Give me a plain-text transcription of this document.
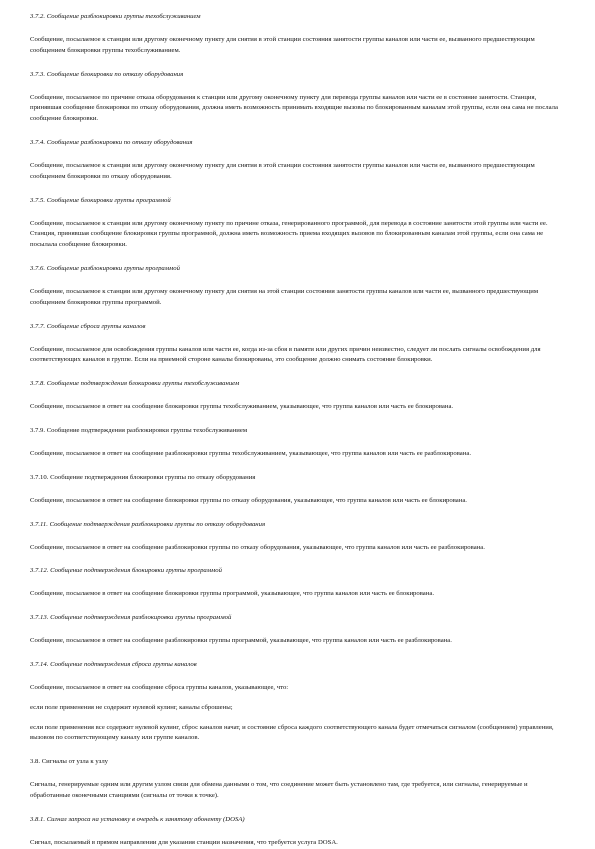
3.7.2. Сообщение разблокировки группы техобслуживанием
Сообщение, посылаемое к станции или другому оконечному пункту для снятия в этой станции состояния занятости группы каналов или части ее, вызванного предшествующим сообщением блокировки группы техобслуживанием.
3.7.3. Сообщение блокировки по отказу оборудования
Сообщение, посылаемое по причине отказа оборудования к станции или другому оконечному пункту для перевода группы каналов или части ее в состояние занятости. Станция, принявшая сообщение блокировки по отказу оборудования, должна иметь возможность принимать входящие вызовы по блокированным каналам этой группы, если она сама не послала сообщение блокировки.
3.7.4. Сообщение разблокировки по отказу оборудования
Сообщение, посылаемое к станции или другому оконечному пункту для снятия в этой станции состояния занятости группы каналов или части ее, вызванного предшествующим сообщением блокировки по отказу оборудования.
3.7.5. Сообщение блокировки группы программой
Сообщение, посылаемое к станции или другому оконечному пункту по причине отказа, генерированного программой, для перевода в состояние занятости этой группы или части ее. Станция, принявшая сообщение блокировки группы программой, должна иметь возможность приема входящих вызовов по блокированным каналам этой группы, если она сама не посылала сообщение блокировки.
3.7.6. Сообщение разблокировки группы программой
Сообщение, посылаемое к станции или другому оконечному пункту для снятия на этой станции состояния занятости группы каналов или части ее, вызванного предшествующим сообщением блокировки группы программой.
3.7.7. Сообщение сброса группы каналов
Сообщение, посылаемое для освобождения группы каналов или части ее, когда из-за сбоя в памяти или других причин неизвестно, следует ли послать сигналы освобождения для соответствующих каналов в группе. Если на приемной стороне каналы блокированы, это сообщение должно снимать состояние блокировки.
3.7.8. Сообщение подтверждения блокировки группы техобслуживанием
Сообщение, посылаемое в ответ на сообщение блокировки группы техобслуживанием, указывающее, что группа каналов или часть ее блокирована.
3.7.9. Сообщение подтверждения разблокировки группы техобслуживанием
Сообщение, посылаемое в ответ на сообщение разблокировки группы техобслуживанием, указывающее, что группа каналов или часть ее разблокирована.
3.7.10. Сообщение подтверждения блокировки группы по отказу оборудования
Сообщение, посылаемое в ответ на сообщение блокировки группы по отказу оборудования, указывающее, что группа каналов или часть ее блокирована.
3.7.11. Сообщение подтверждения разблокировки группы по отказу оборудования
Сообщение, посылаемое в ответ на сообщение разблокировки группы по отказу оборудования, указывающее, что группа каналов или часть ее разблокирована.
3.7.12. Сообщение подтверждения блокировки группы программой
Сообщение, посылаемое в ответ на сообщение блокировки группы программой, указывающее, что группа каналов или часть ее блокирована.
3.7.13. Сообщение подтверждения разблокировки группы программой
Сообщение, посылаемое в ответ на сообщение разблокировки группы программой, указывающее, что группа каналов или часть ее разблокирована.
3.7.14. Сообщение подтверждения сброса группы каналов
Сообщение, посылаемое в ответ на сообщение сброса группы каналов, указывающее, что:
если поле применения не содержит нулевой кулинг, каналы сброшены;
если поле применения все содержит нулевой кулинг, сброс каналов начат, и состояние сброса каждого соответствующего канала будет отмечаться сигналом (сообщением) управления, вызовом по соответствующему каналу или группе каналов.
3.8. Сигналы от узла к узлу
Сигналы, генерируемые одним или другим узлом связи для обмена данными о том, что соединение может быть установлено там, где требуется, или сигналы, генерируемые и обработанные оконечными станциями (сигналы от точки к точке).
3.8.1. Сигнал запроса на установку в очередь к занятому абоненту (DOSA)
Сигнал, посылаемый в прямом направлении для указания станции назначения, что требуется услуга DOSA.
